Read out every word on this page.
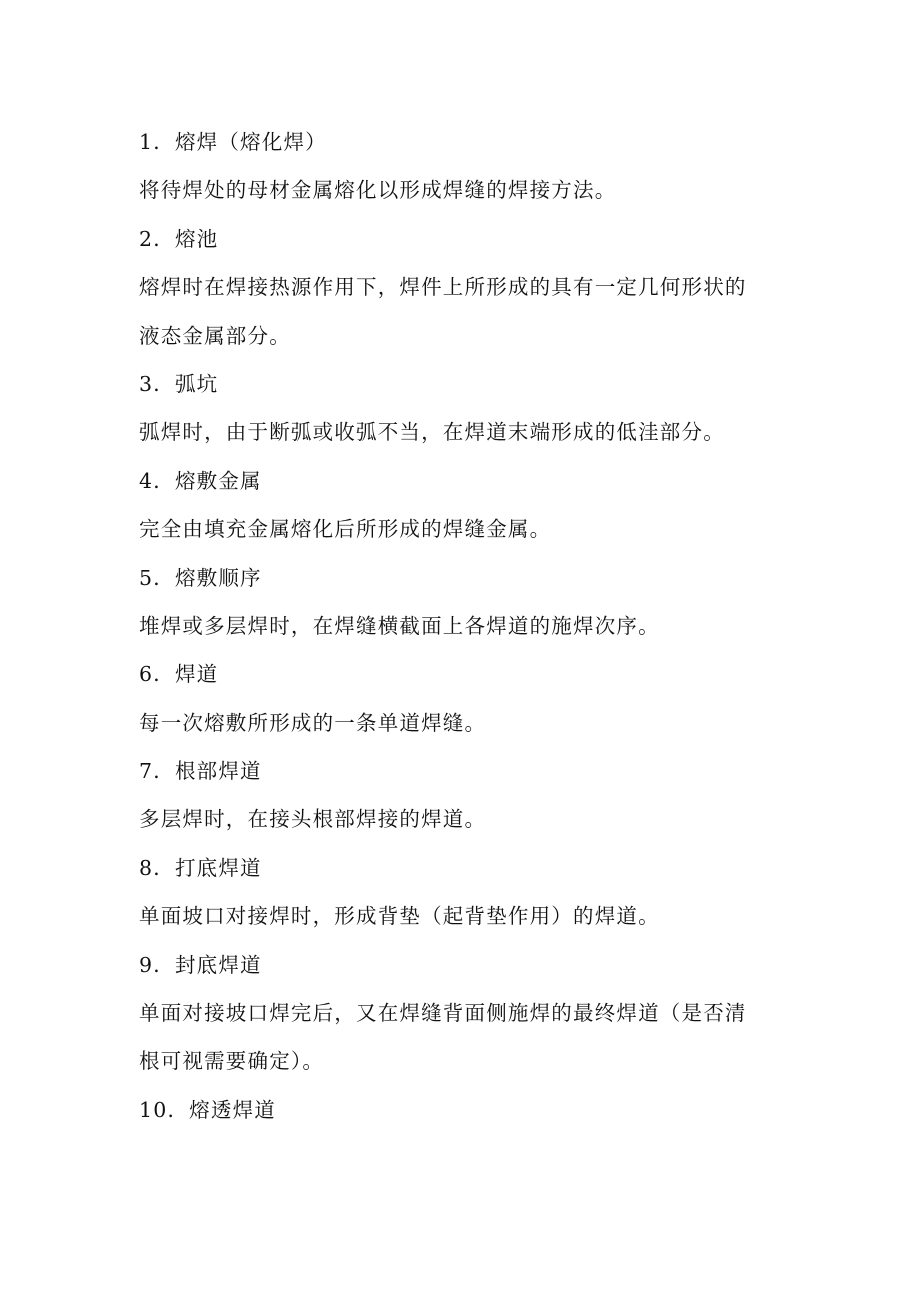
1．熔焊（熔化焊）
将待焊处的母材金属熔化以形成焊缝的焊接方法。
2．熔池
熔焊时在焊接热源作用下，焊件上所形成的具有一定几何形状的
液态金属部分。
3．弧坑
弧焊时，由于断弧或收弧不当，在焊道末端形成的低洼部分。
4．熔敷金属
完全由填充金属熔化后所形成的焊缝金属。
5．熔敷顺序
堆焊或多层焊时，在焊缝横截面上各焊道的施焊次序。
6．焊道
每一次熔敷所形成的一条单道焊缝。
7．根部焊道
多层焊时，在接头根部焊接的焊道。
8．打底焊道
单面坡口对接焊时，形成背垫（起背垫作用）的焊道。
9．封底焊道
单面对接坡口焊完后，又在焊缝背面侧施焊的最终焊道（是否清
根可视需要确定）。
10．熔透焊道
